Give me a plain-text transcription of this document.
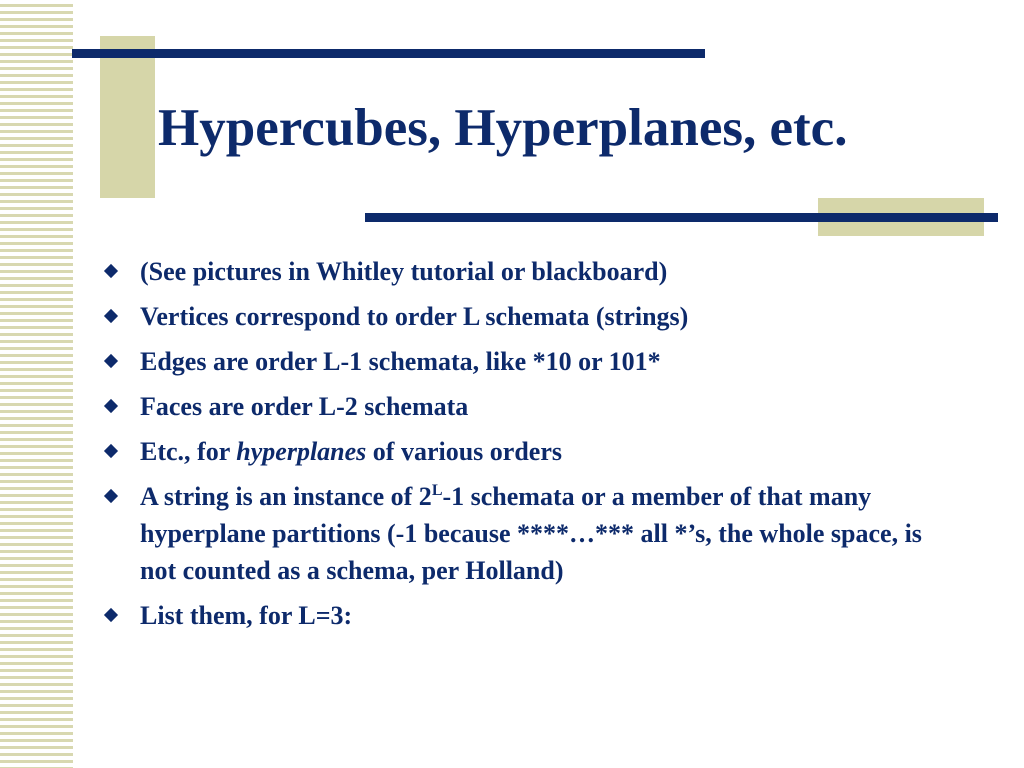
Hypercubes, Hyperplanes, etc.
(See pictures in Whitley tutorial or blackboard)
Vertices correspond to order L schemata (strings)
Edges are order L-1 schemata, like *10 or 101*
Faces are order L-2 schemata
Etc., for hyperplanes of various orders
A string is an instance of $2^L-1$ schemata or a member of that many hyperplane partitions (-1 because ****…*** all *’s, the whole space, is not counted as a schema, per Holland)
List them, for L=3:
